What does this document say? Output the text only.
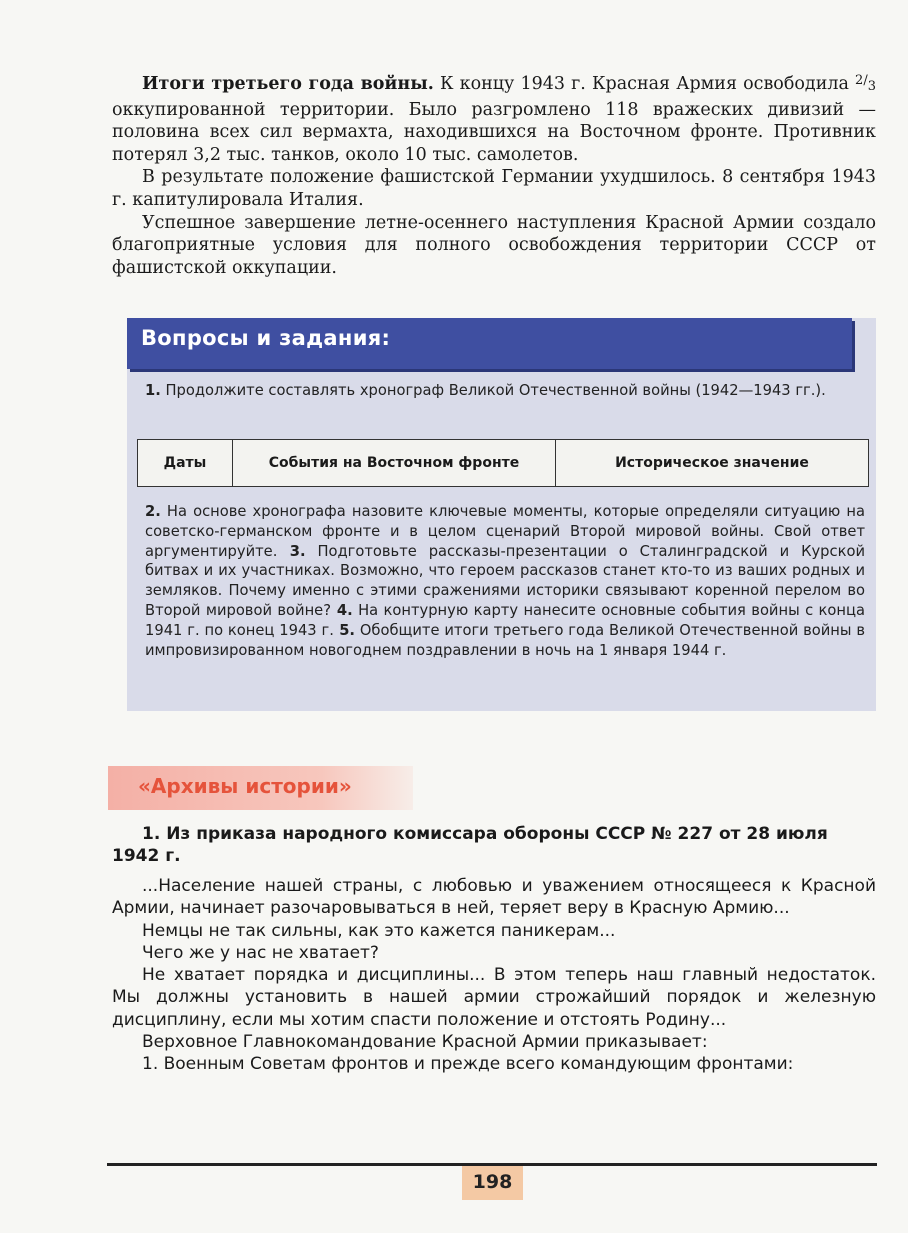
Итоги третьего года войны. К концу 1943 г. Красная Армия освободила $^{2/3}$ оккупированной территории. Было разгромлено 118 вражеских дивизий — половина всех сил вермахта, находившихся на Восточном фронте. Противник потерял 3,2 тыс. танков, около 10 тыс. самолетов.

В результате положение фашистской Германии ухудшилось. 8 сентября 1943 г. капитулировала Италия.

Успешное завершение летне-осеннего наступления Красной Армии создало благоприятные условия для полного освобождения территории СССР от фашистской оккупации.

Вопросы и задания:
1. Продолжите составлять хронограф Великой Отечественной войны (1942—1943 гг.).
Даты	События на Восточном фронте	Историческое значение
2. На основе хронографа назовите ключевые моменты, которые определяли ситуацию на советско-германском фронте и в целом сценарий Второй мировой войны. Свой ответ аргументируйте. 3. Подготовьте рассказы-презентации о Сталинградской и Курской битвах и их участниках. Возможно, что героем рассказов станет кто-то из ваших родных и земляков. Почему именно с этими сражениями историки связывают коренной перелом во Второй мировой войне? 4. На контурную карту нанесите основные события войны с конца 1941 г. по конец 1943 г. 5. Обобщите итоги третьего года Великой Отечественной войны в импровизированном новогоднем поздравлении в ночь на 1 января 1944 г.
«Архивы истории»
1. Из приказа народного комиссара обороны СССР № 227 от 28 июля 1942 г.

...Население нашей страны, с любовью и уважением относящееся к Красной Армии, начинает разочаровываться в ней, теряет веру в Красную Армию...

Немцы не так сильны, как это кажется паникерам...

Чего же у нас не хватает?

Не хватает порядка и дисциплины... В этом теперь наш главный недостаток. Мы должны установить в нашей армии строжайший порядок и железную дисциплину, если мы хотим спасти положение и отстоять Родину...

Верховное Главнокомандование Красной Армии приказывает:

1. Военным Советам фронтов и прежде всего командующим фронтами:

198
